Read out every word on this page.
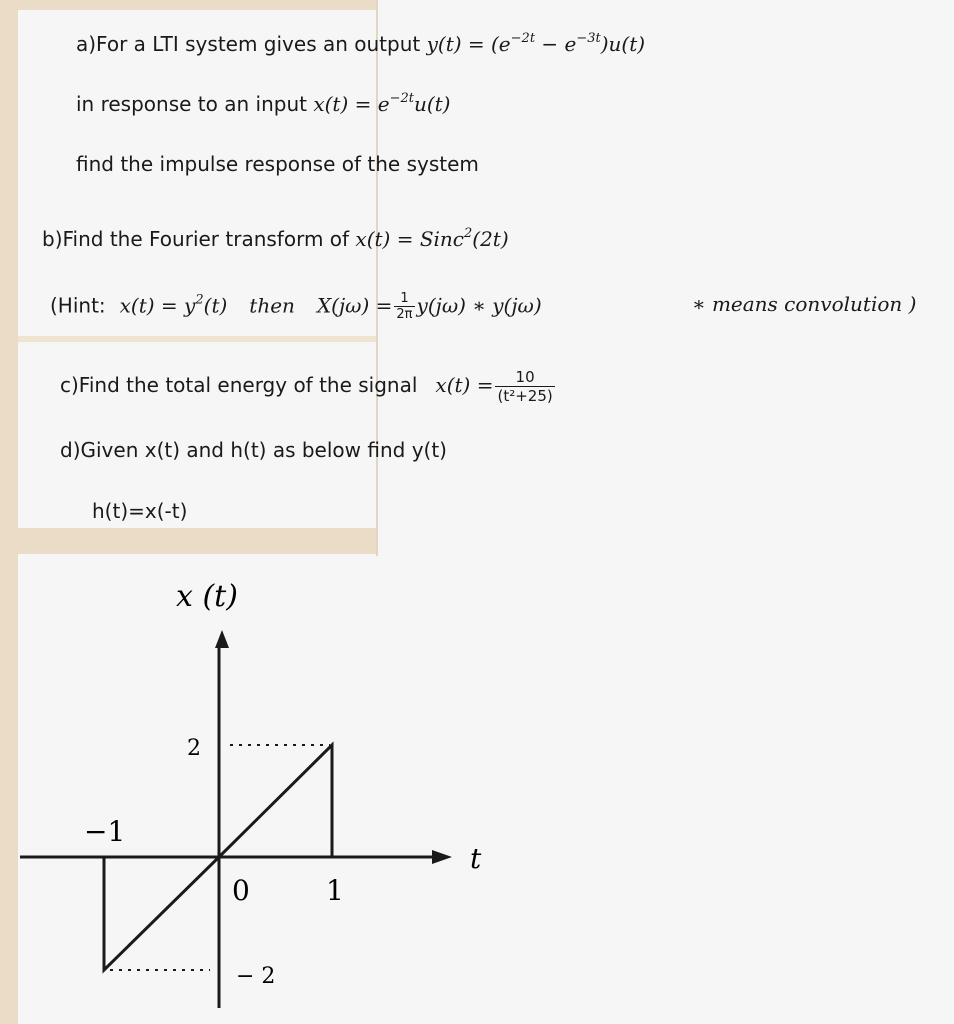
a)For a LTI system gives an output $y(t) = (e^{-2t} - e^{-3t})u(t)$
in response to an input $x(t) = e^{-2t}u(t)$
find the impulse response of the system
b)Find the Fourier transform of x(t) = Sinc$^2$(2t)
(Hint: $x(t) = y^2(t)$ then $X(j\omega) = \frac{1}{2\pi} y(j\omega)$ ∗ y(jω)	∗ means convolution )
c)Find the total energy of the signal $x(t) = \frac{10}{\text{(t²+25)}}$
d)Given x(t) and h(t) as below find y(t)
h(t)=x(-t)
x (t)
2
−1
0	1
− 2
t
